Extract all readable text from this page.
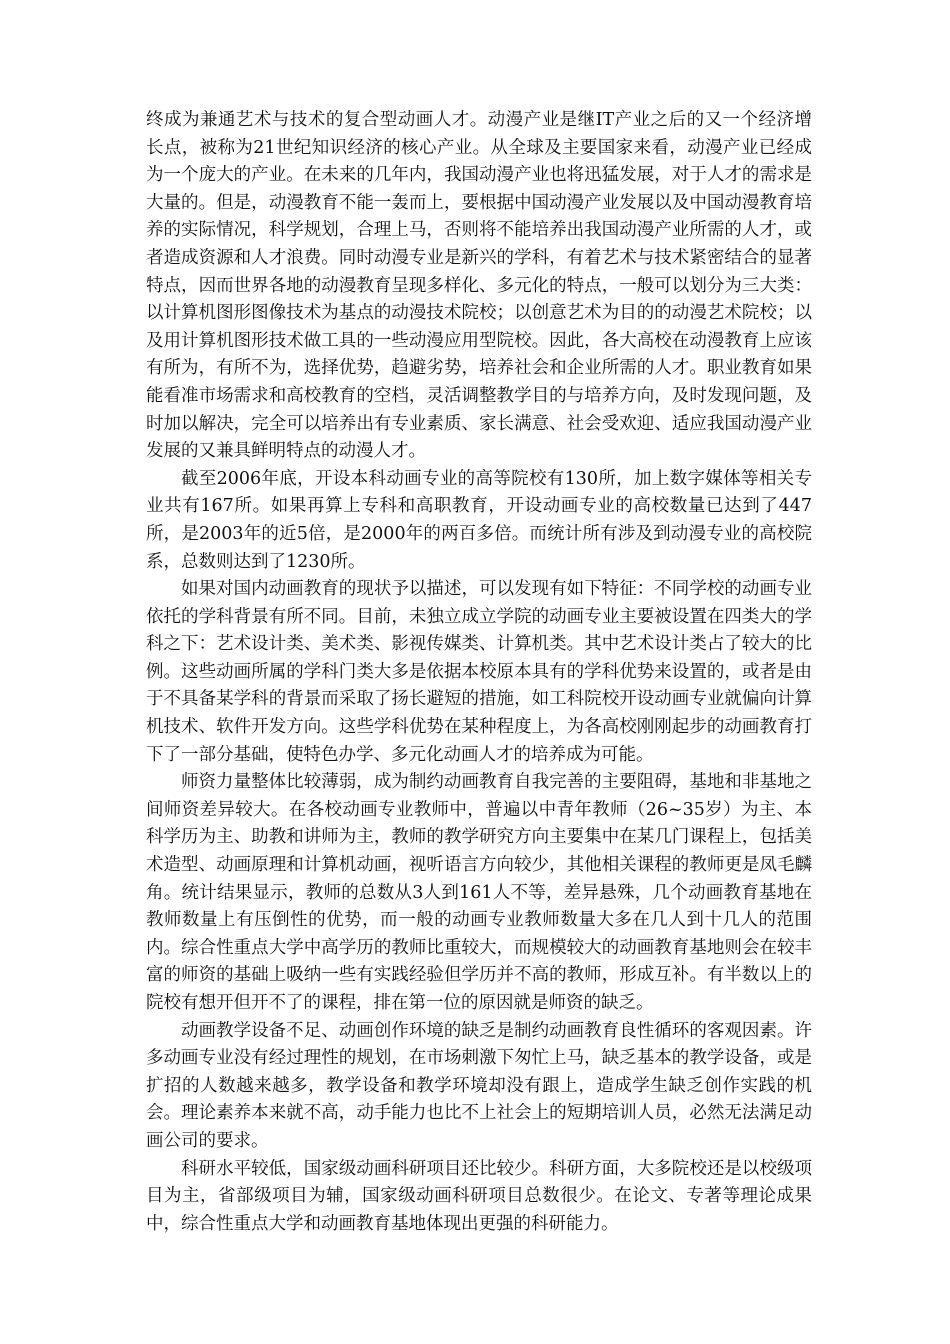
终成为兼通艺术与技术的复合型动画人才。动漫产业是继IT产业之后的又一个经济增长点，被称为21世纪知识经济的核心产业。从全球及主要国家来看，动漫产业已经成为一个庞大的产业。在未来的几年内，我国动漫产业也将迅猛发展，对于人才的需求是大量的。但是，动漫教育不能一轰而上，要根据中国动漫产业发展以及中国动漫教育培养的实际情况，科学规划，合理上马，否则将不能培养出我国动漫产业所需的人才，或者造成资源和人才浪费。同时动漫专业是新兴的学科，有着艺术与技术紧密结合的显著特点，因而世界各地的动漫教育呈现多样化、多元化的特点，一般可以划分为三大类：以计算机图形图像技术为基点的动漫技术院校；以创意艺术为目的的动漫艺术院校；以及用计算机图形技术做工具的一些动漫应用型院校。因此，各大高校在动漫教育上应该有所为，有所不为，选择优势，趋避劣势，培养社会和企业所需的人才。职业教育如果能看准市场需求和高校教育的空档，灵活调整教学目的与培养方向，及时发现问题，及时加以解决，完全可以培养出有专业素质、家长满意、社会受欢迎、适应我国动漫产业发展的又兼具鲜明特点的动漫人才。

截至2006年底，开设本科动画专业的高等院校有130所，加上数字媒体等相关专业共有167所。如果再算上专科和高职教育，开设动画专业的高校数量已达到了447所，是2003年的近5倍，是2000年的两百多倍。而统计所有涉及到动漫专业的高校院系，总数则达到了1230所。

如果对国内动画教育的现状予以描述，可以发现有如下特征：不同学校的动画专业依托的学科背景有所不同。目前，未独立成立学院的动画专业主要被设置在四类大的学科之下：艺术设计类、美术类、影视传媒类、计算机类。其中艺术设计类占了较大的比例。这些动画所属的学科门类大多是依据本校原本具有的学科优势来设置的，或者是由于不具备某学科的背景而采取了扬长避短的措施，如工科院校开设动画专业就偏向计算机技术、软件开发方向。这些学科优势在某种程度上，为各高校刚刚起步的动画教育打下了一部分基础，使特色办学、多元化动画人才的培养成为可能。

师资力量整体比较薄弱，成为制约动画教育自我完善的主要阻碍，基地和非基地之间师资差异较大。在各校动画专业教师中，普遍以中青年教师（26~35岁）为主、本科学历为主、助教和讲师为主，教师的教学研究方向主要集中在某几门课程上，包括美术造型、动画原理和计算机动画，视听语言方向较少，其他相关课程的教师更是凤毛麟角。统计结果显示，教师的总数从3人到161人不等，差异悬殊，几个动画教育基地在教师数量上有压倒性的优势，而一般的动画专业教师数量大多在几人到十几人的范围内。综合性重点大学中高学历的教师比重较大，而规模较大的动画教育基地则会在较丰富的师资的基础上吸纳一些有实践经验但学历并不高的教师，形成互补。有半数以上的院校有想开但开不了的课程，排在第一位的原因就是师资的缺乏。

动画教学设备不足、动画创作环境的缺乏是制约动画教育良性循环的客观因素。许多动画专业没有经过理性的规划，在市场刺激下匆忙上马，缺乏基本的教学设备，或是扩招的人数越来越多，教学设备和教学环境却没有跟上，造成学生缺乏创作实践的机会。理论素养本来就不高，动手能力也比不上社会上的短期培训人员，必然无法满足动画公司的要求。

科研水平较低，国家级动画科研项目还比较少。科研方面，大多院校还是以校级项目为主，省部级项目为辅，国家级动画科研项目总数很少。在论文、专著等理论成果中，综合性重点大学和动画教育基地体现出更强的科研能力。
